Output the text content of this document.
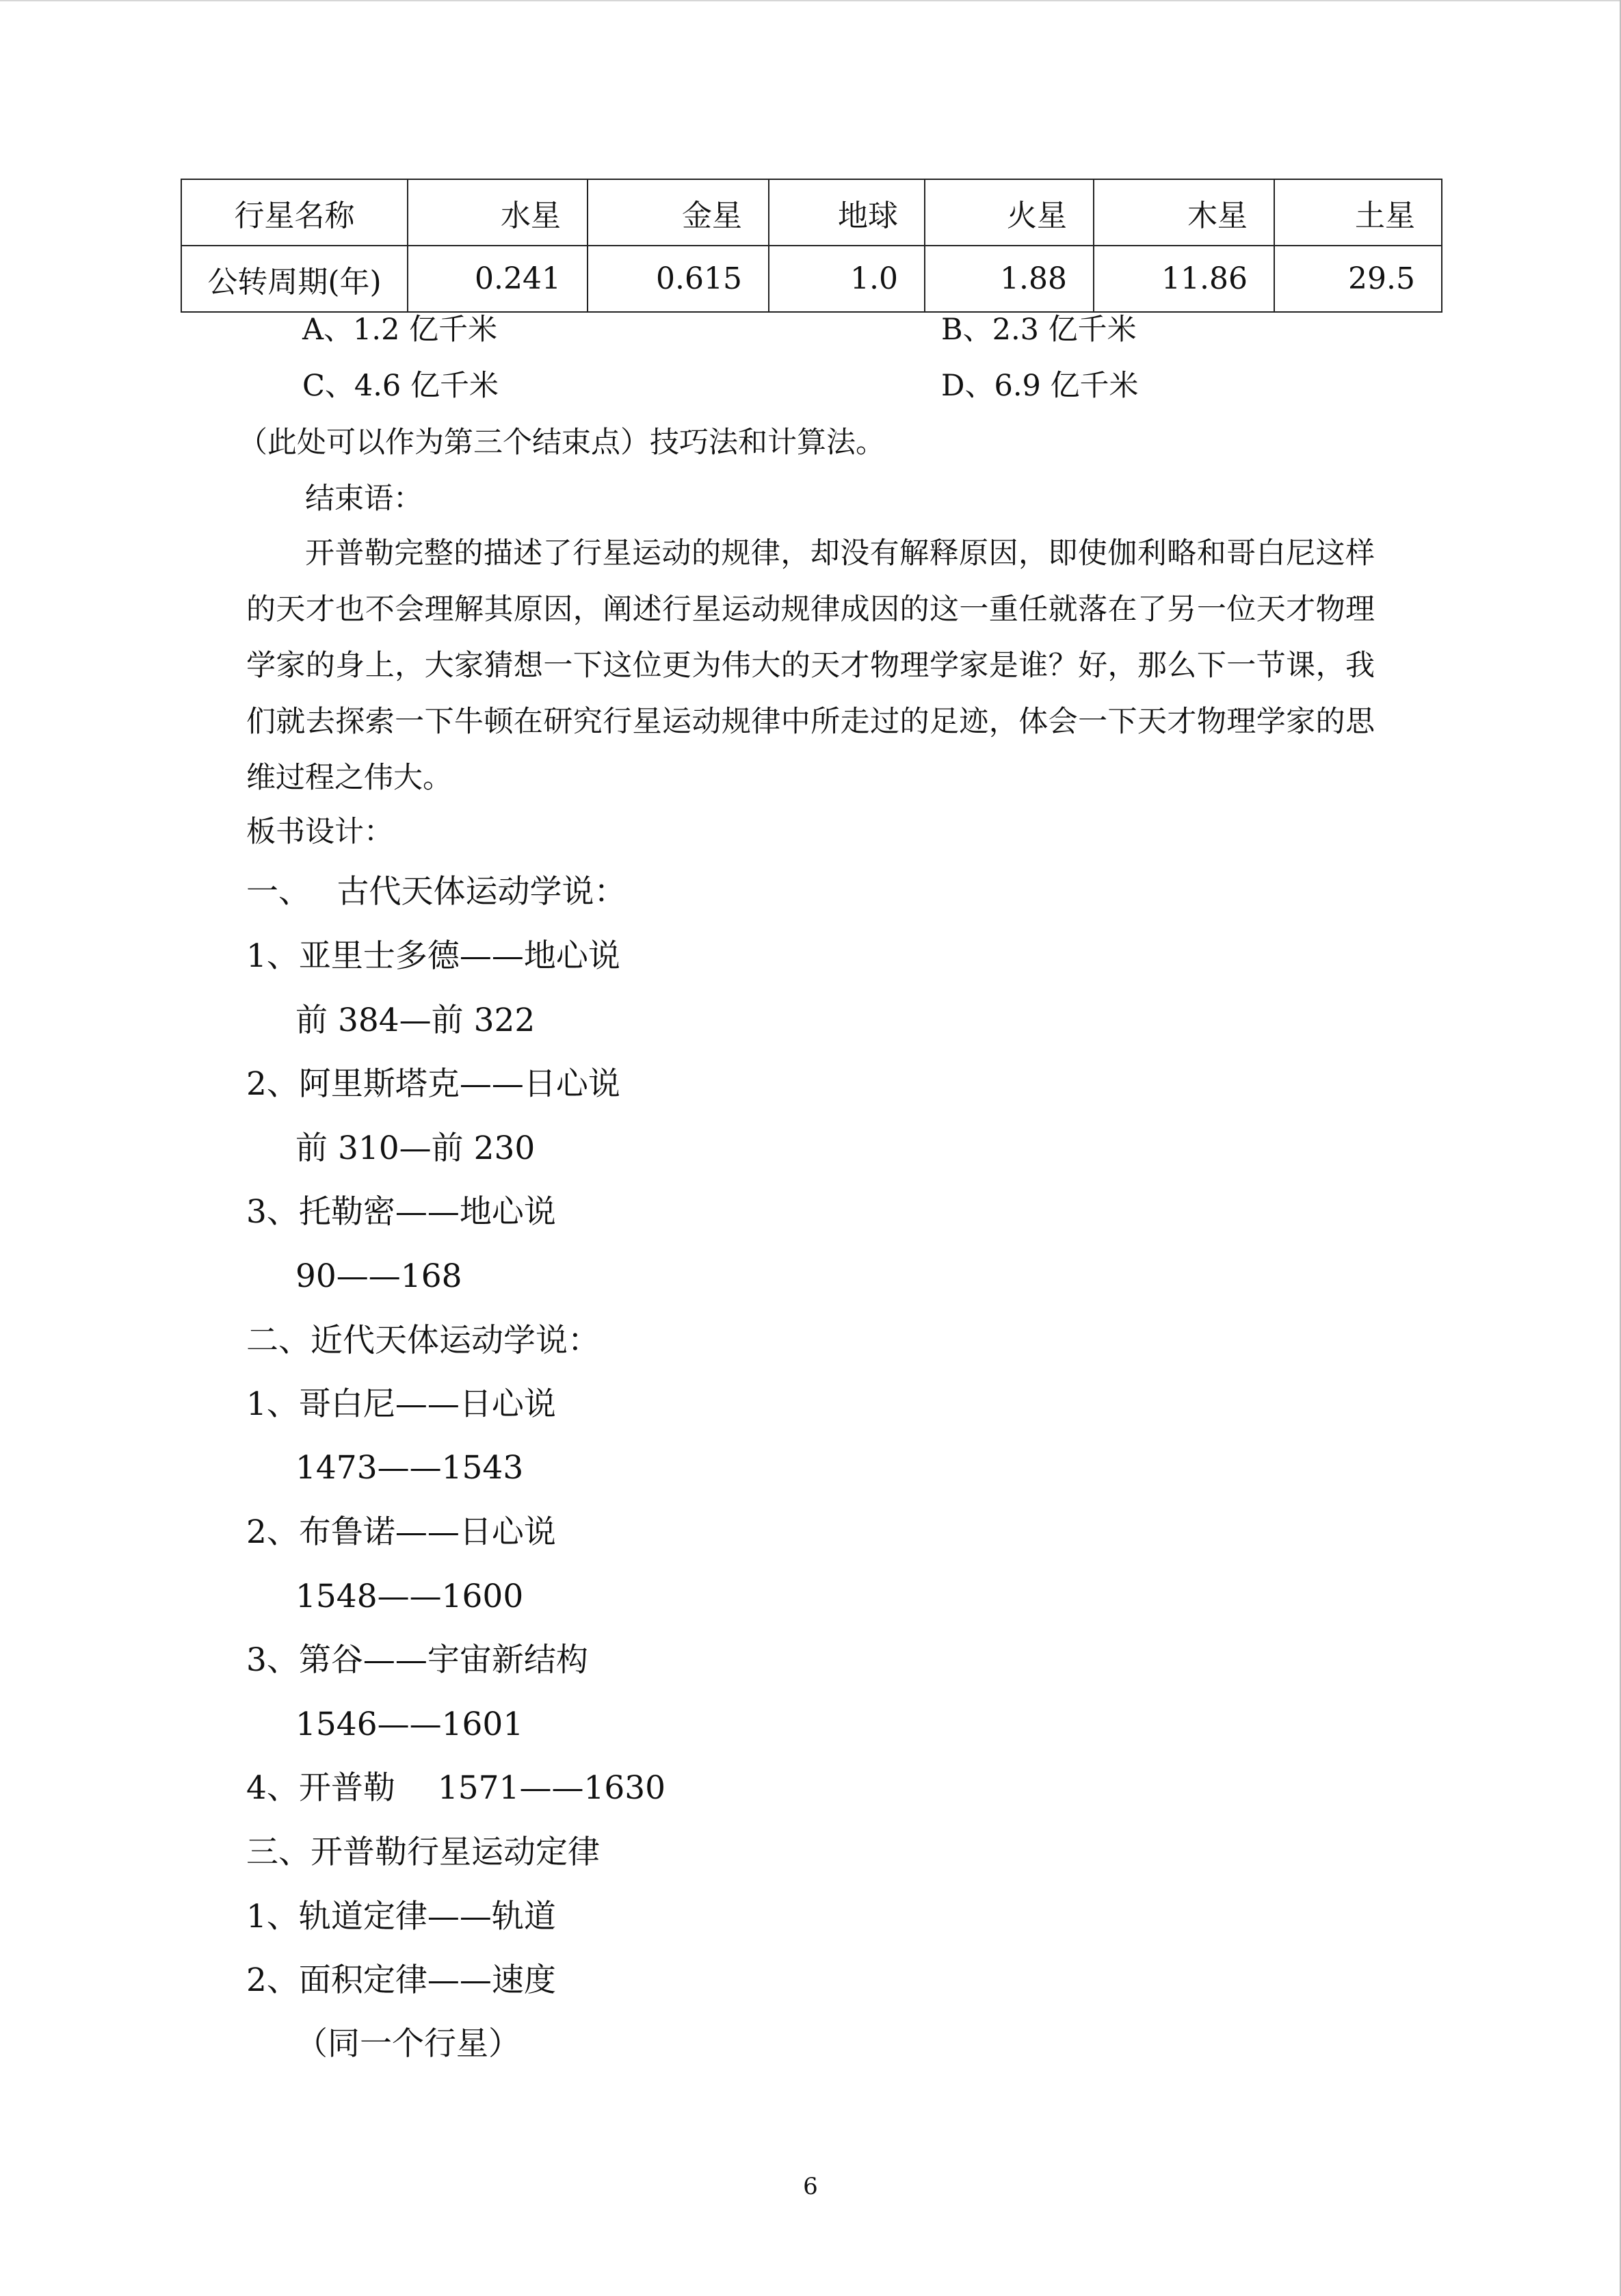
行星名称	水星	金星	地球	火星	木星	土星
公转周期(年)	0.241	0.615	1.0	1.88	11.86	29.5
A、1.2 亿千米	B、2.3 亿千米
C、4.6 亿千米	D、6.9 亿千米
（此处可以作为第三个结束点）技巧法和计算法。
结束语：
开普勒完整的描述了行星运动的规律，却没有解释原因，即使伽利略和哥白尼这样的天才也不会理解其原因，阐述行星运动规律成因的这一重任就落在了另一位天才物理学家的身上，大家猜想一下这位更为伟大的天才物理学家是谁？好，那么下一节课，我们就去探索一下牛顿在研究行星运动规律中所走过的足迹，体会一下天才物理学家的思维过程之伟大。
板书设计：
一、　 古代天体运动学说：
1、亚里士多德——地心说
前 384—前 322
2、阿里斯塔克——日心说
前 310—前 230
3、托勒密——地心说
90——168
二、近代天体运动学说：
1、哥白尼——日心说
1473——1543
2、布鲁诺——日心说
1548——1600
3、第谷——宇宙新结构
1546——1601
4、开普勒　 1571——1630
三、开普勒行星运动定律
1、轨道定律——轨道
2、面积定律——速度
（同一个行星）
6
